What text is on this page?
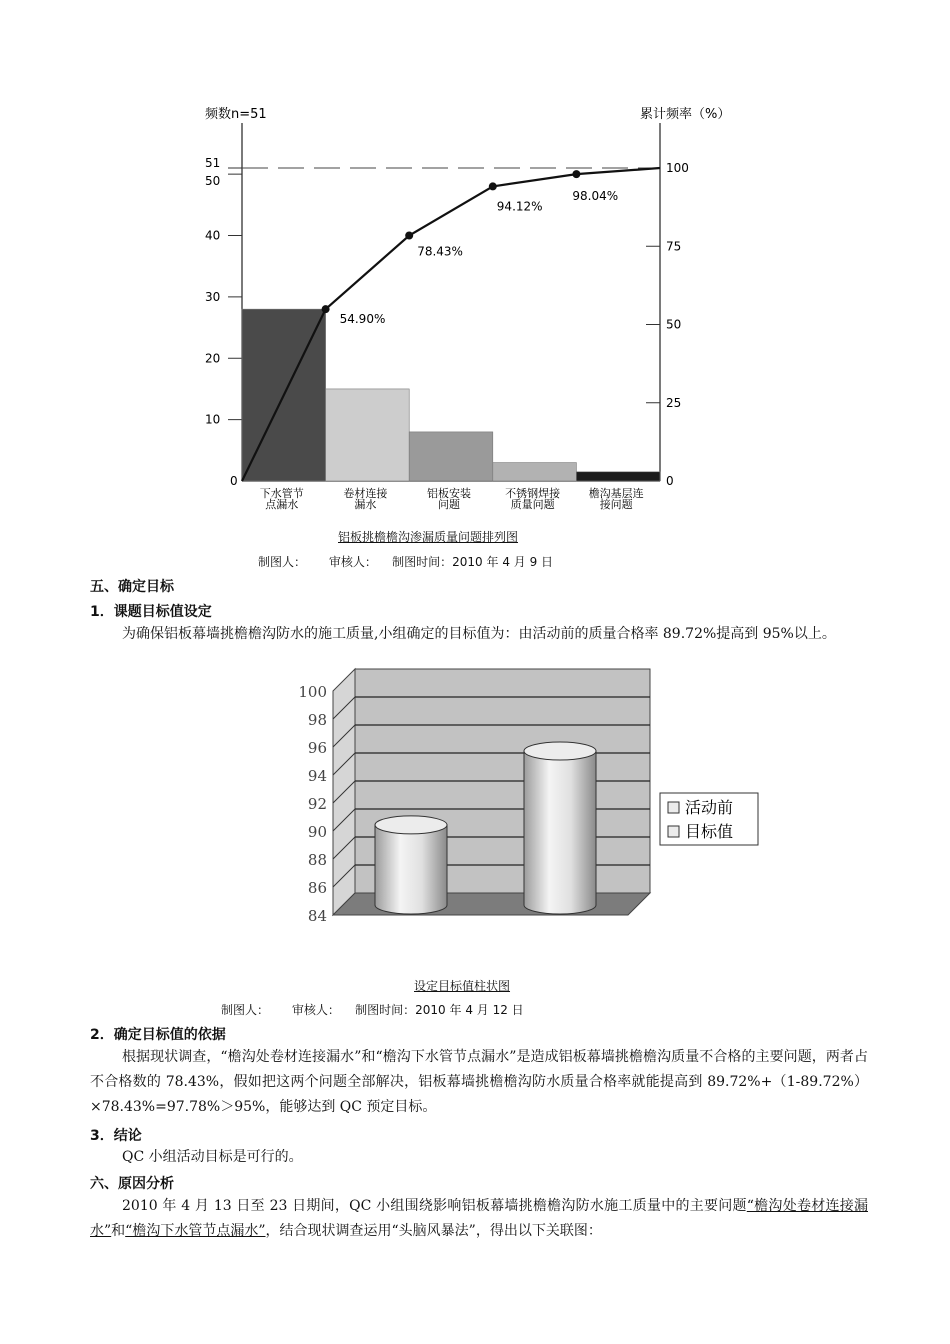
频数n=51	累计频率（%）
0
10
20
30
40
50
51
0
25
50
75
100
下水管节
点漏水
卷材连接
漏水
铝板安装
问题
不锈钢焊接
质量问题
檐沟基层连
接问题
54.90%
78.43%
94.12%
98.04%
铝板挑檐檐沟渗漏质量问题排列图
制图人：      审核人：    制图时间：2010 年 4 月 9 日
五、确定目标
1．课题目标值设定
为确保铝板幕墙挑檐檐沟防水的施工质量,小组确定的目标值为：由活动前的质量合格率 89.72%提高到 95%以上。
84
86
88
90
92
94
96
98
100
活动前
目标值
设定目标值柱状图
制图人：      审核人：    制图时间：2010 年 4 月 12 日
2．确定目标值的依据
根据现状调查，“檐沟处卷材连接漏水”和“檐沟下水管节点漏水”是造成铝板幕墙挑檐檐沟质量不合格的主要问题，两者占不合格数的 78.43%，假如把这两个问题全部解决，铝板幕墙挑檐檐沟防水质量合格率就能提高到 89.72%+（1-89.72%）×78.43%=97.78%＞95%，能够达到 QC 预定目标。
3．结论
QC 小组活动目标是可行的。
六、原因分析
2010 年 4 月 13 日至 23 日期间，QC 小组围绕影响铝板幕墙挑檐檐沟防水施工质量中的主要问题“檐沟处卷材连接漏水”和“檐沟下水管节点漏水”，结合现状调查运用“头脑风暴法”，得出以下关联图：
